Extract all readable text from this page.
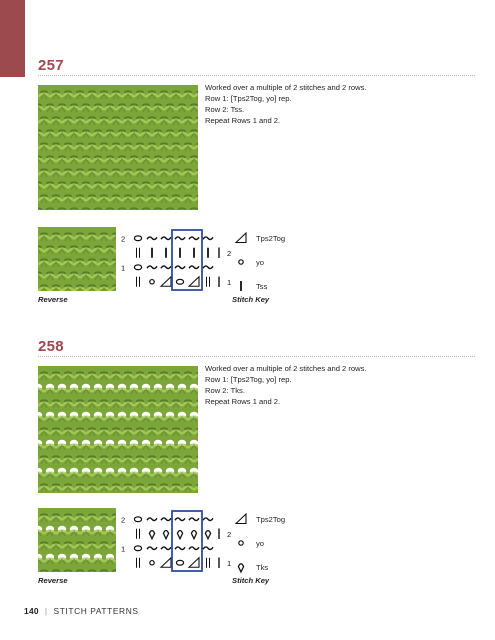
257
Worked over a multiple of 2 stitches and 2 rows.
Row 1: [Tps2Tog, yo] rep.
Row 2: Tss.
Repeat Rows 1 and 2.
2
1
2
1
Tps2Tog
yo
Tss
Reverse	Stitch Key
258
Worked over a multiple of 2 stitches and 2 rows.
Row 1: [Tps2Tog, yo] rep.
Row 2: Tks.
Repeat Rows 1 and 2.
2
1
2
1
Tps2Tog
yo
Tks
Reverse	Stitch Key
140 | STITCH PATTERNS
